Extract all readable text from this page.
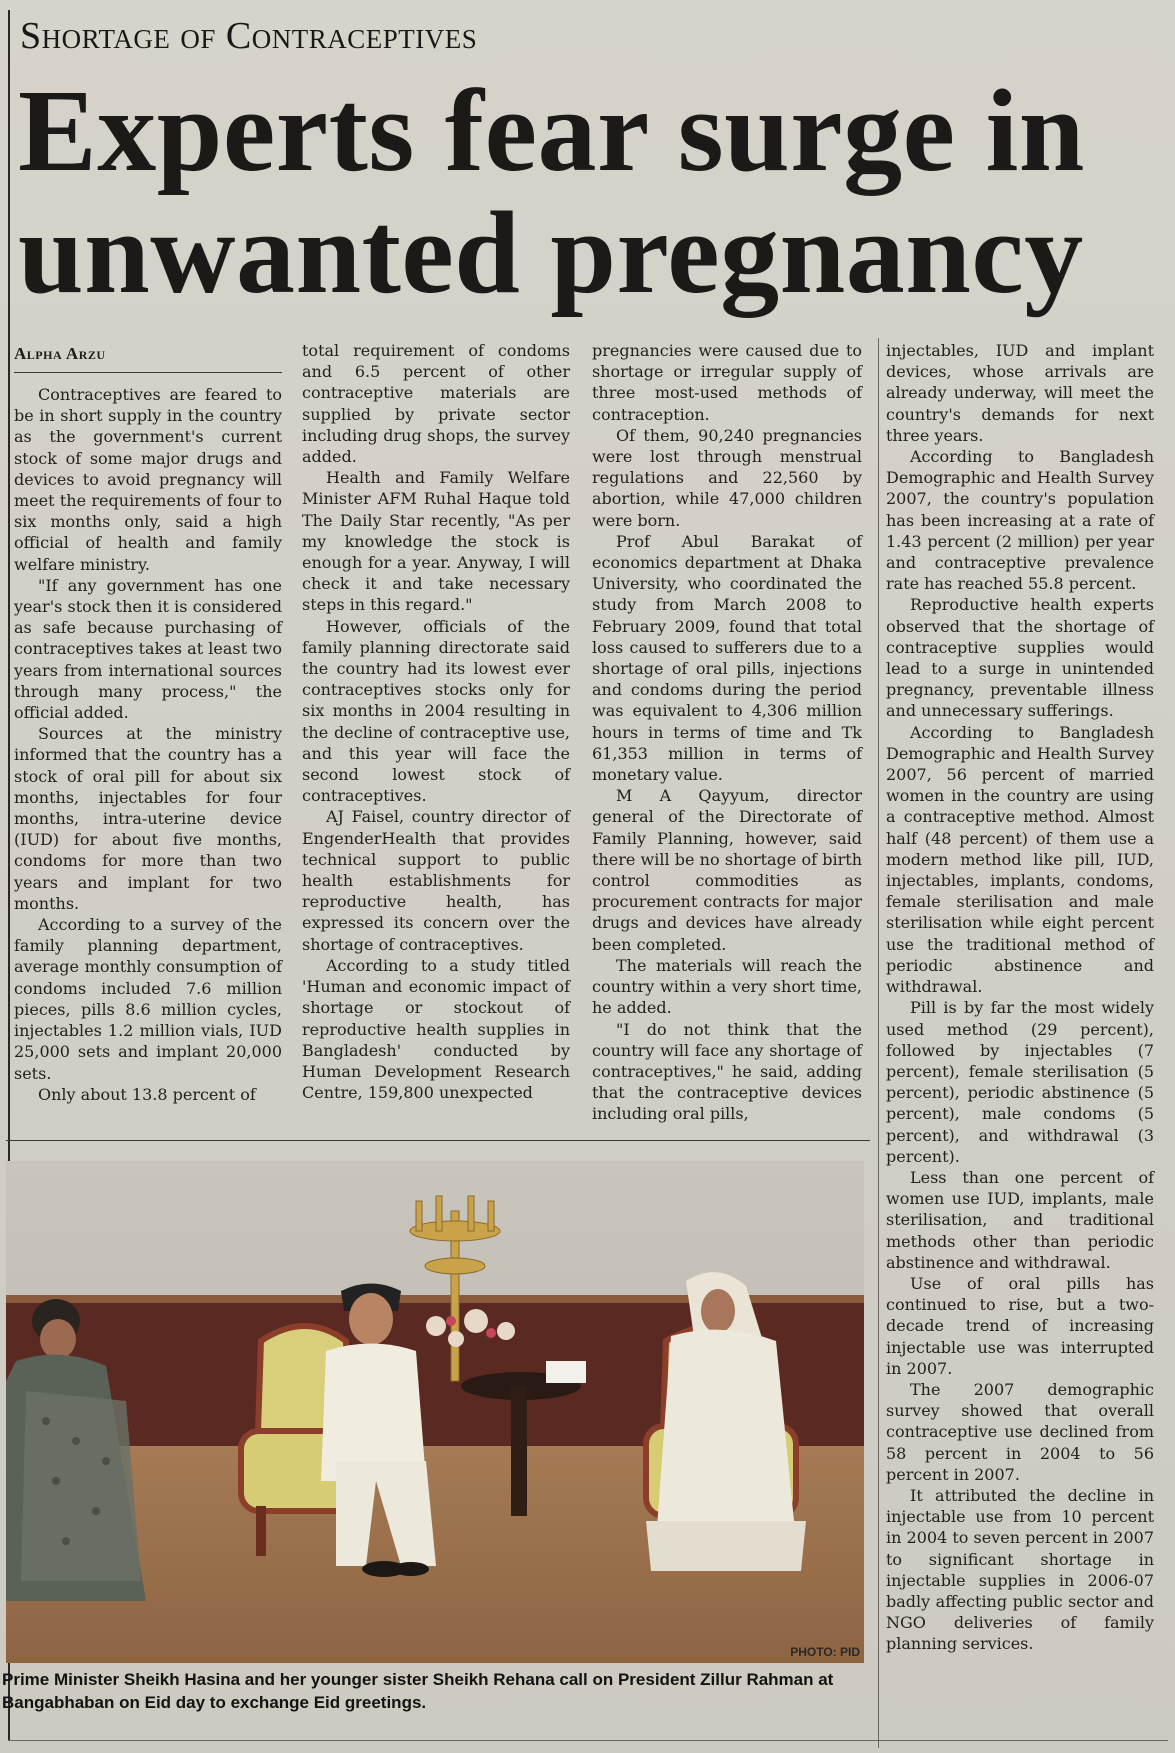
Shortage of Contraceptives
Experts fear surge in unwanted pregnancy
Alpha Arzu

Contraceptives are feared to be in short supply in the country as the government's current stock of some major drugs and devices to avoid pregnancy will meet the requirements of four to six months only, said a high official of health and family welfare ministry.

"If any government has one year's stock then it is considered as safe because purchasing of contraceptives takes at least two years from international sources through many process," the official added.

Sources at the ministry informed that the country has a stock of oral pill for about six months, injectables for four months, intra-uterine device (IUD) for about five months, condoms for more than two years and implant for two months.

According to a survey of the family planning department, average monthly consumption of condoms included 7.6 million pieces, pills 8.6 million cycles, injectables 1.2 million vials, IUD 25,000 sets and implant 20,000 sets.

Only about 13.8 percent of

total requirement of condoms and 6.5 percent of other contraceptive materials are supplied by private sector including drug shops, the survey added.

Health and Family Welfare Minister AFM Ruhal Haque told The Daily Star recently, "As per my knowledge the stock is enough for a year. Anyway, I will check it and take necessary steps in this regard."

However, officials of the family planning directorate said the country had its lowest ever contraceptives stocks only for six months in 2004 resulting in the decline of contraceptive use, and this year will face the second lowest stock of contraceptives.

AJ Faisel, country director of EngenderHealth that provides technical support to public health establishments for reproductive health, has expressed its concern over the shortage of contraceptives.

According to a study titled 'Human and economic impact of shortage or stockout of reproductive health supplies in Bangladesh' conducted by Human Development Research Centre, 159,800 unexpected

pregnancies were caused due to shortage or irregular supply of three most-used methods of contraception.

Of them, 90,240 pregnancies were lost through menstrual regulations and 22,560 by abortion, while 47,000 children were born.

Prof Abul Barakat of economics department at Dhaka University, who coordinated the study from March 2008 to February 2009, found that total loss caused to sufferers due to a shortage of oral pills, injections and condoms during the period was equivalent to 4,306 million hours in terms of time and Tk 61,353 million in terms of monetary value.

M A Qayyum, director general of the Directorate of Family Planning, however, said there will be no shortage of birth control commodities as procurement contracts for major drugs and devices have already been completed.

The materials will reach the country within a very short time, he added.

"I do not think that the country will face any shortage of contraceptives," he said, adding that the contraceptive devices including oral pills,

injectables, IUD and implant devices, whose arrivals are already underway, will meet the country's demands for next three years.

According to Bangladesh Demographic and Health Survey 2007, the country's population has been increasing at a rate of 1.43 percent (2 million) per year and contraceptive prevalence rate has reached 55.8 percent.

Reproductive health experts observed that the shortage of contraceptive supplies would lead to a surge in unintended pregnancy, preventable illness and unnecessary sufferings.

According to Bangladesh Demographic and Health Survey 2007, 56 percent of married women in the country are using a contraceptive method. Almost half (48 percent) of them use a modern method like pill, IUD, injectables, implants, condoms, female sterilisation and male sterilisation while eight percent use the traditional method of periodic abstinence and withdrawal.

Pill is by far the most widely used method (29 percent), followed by injectables (7 percent), female sterilisation (5 percent), periodic abstinence (5 percent), male condoms (5 percent), and withdrawal (3 percent).

Less than one percent of women use IUD, implants, male sterilisation, and traditional methods other than periodic abstinence and withdrawal.

Use of oral pills has continued to rise, but a two-decade trend of increasing injectable use was interrupted in 2007.

The 2007 demographic survey showed that overall contraceptive use declined from 58 percent in 2004 to 56 percent in 2007.

It attributed the decline in injectable use from 10 percent in 2004 to seven percent in 2007 to significant shortage in injectable supplies in 2006-07 badly affecting public sector and NGO deliveries of family planning services.

PHOTO: PID

Prime Minister Sheikh Hasina and her younger sister Sheikh Rehana call on President Zillur Rahman at Bangabhaban on Eid day to exchange Eid greetings.
